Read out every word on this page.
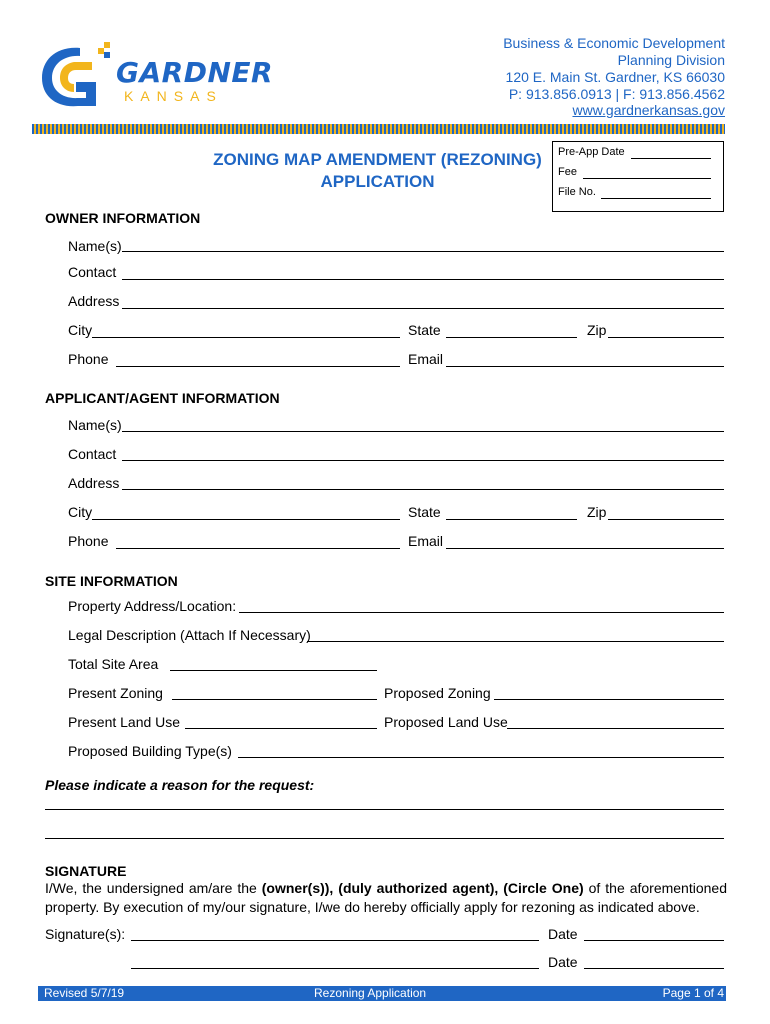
GARDNER
KANSAS
Business & Economic Development
Planning Division
120 E. Main St. Gardner, KS 66030
P: 913.856.0913 | F: 913.856.4562
www.gardnerkansas.gov
ZONING MAP AMENDMENT (REZONING)
APPLICATION
Pre-App Date
Fee
File No.
OWNER INFORMATION
Name(s)
Contact
Address
City	State	Zip
Phone	Email
APPLICANT/AGENT INFORMATION
Name(s)
Contact
Address
City	State	Zip
Phone	Email
SITE INFORMATION
Property Address/Location:
Legal Description (Attach If Necessary)
Total Site Area
Present Zoning	Proposed Zoning
Present Land Use	Proposed Land Use
Proposed Building Type(s)
Please indicate a reason for the request:
SIGNATURE
I/We, the undersigned am/are the (owner(s)), (duly authorized agent), (Circle One) of the aforementioned property. By execution of my/our signature, I/we do hereby officially apply for rezoning as indicated above.
Signature(s):	Date
Date
Revised 5/7/19	Rezoning Application	Page 1 of 4
